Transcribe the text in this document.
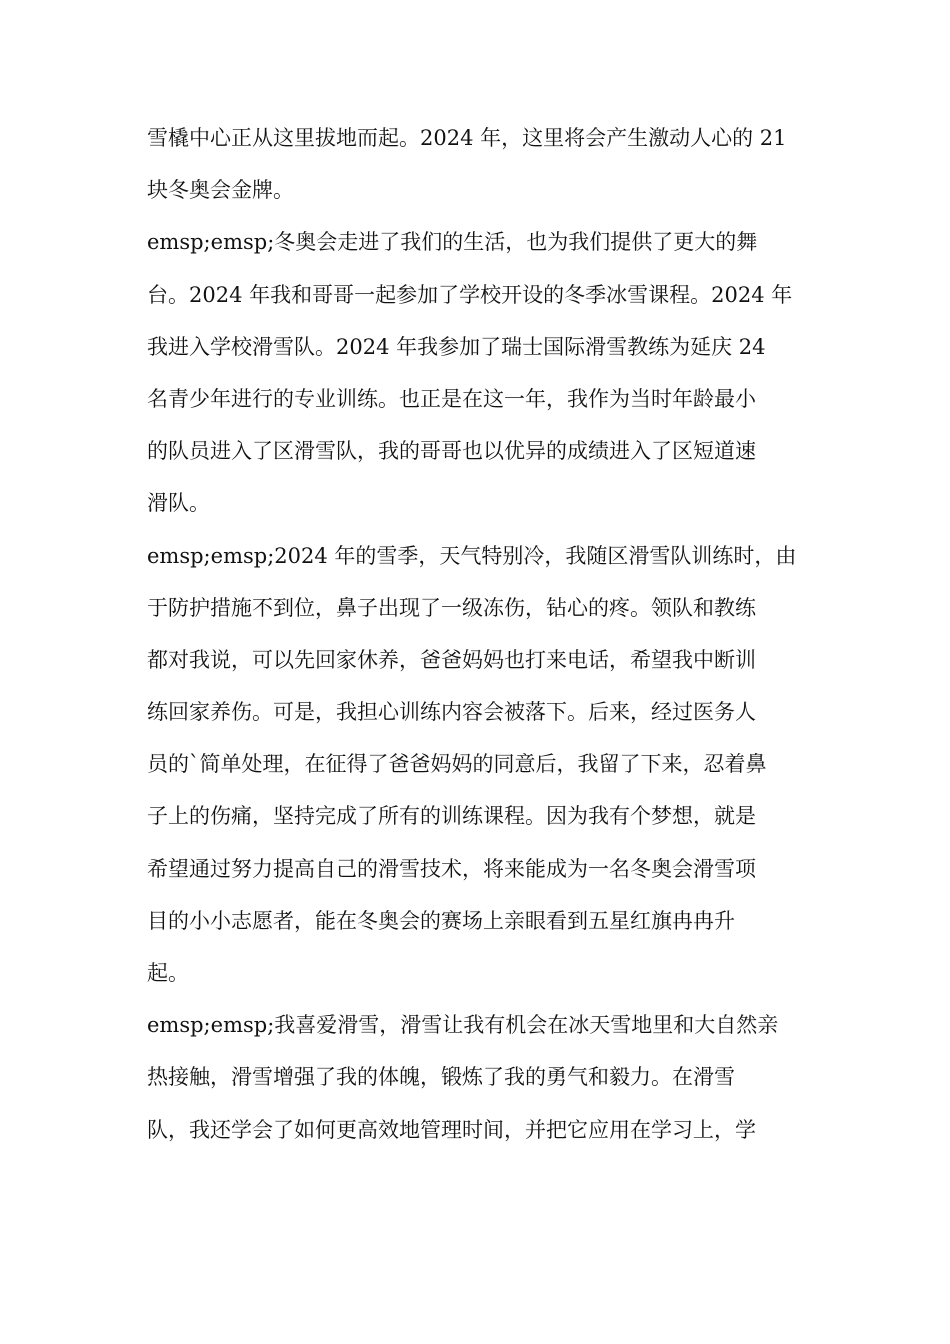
雪橇中心正从这里拔地而起。2024 年，这里将会产生激动人心的 21
块冬奥会金牌。
emsp;emsp;冬奥会走进了我们的生活，也为我们提供了更大的舞
台。2024 年我和哥哥一起参加了学校开设的冬季冰雪课程。2024 年
我进入学校滑雪队。2024 年我参加了瑞士国际滑雪教练为延庆 24
名青少年进行的专业训练。也正是在这一年，我作为当时年龄最小
的队员进入了区滑雪队，我的哥哥也以优异的成绩进入了区短道速
滑队。
emsp;emsp;2024 年的雪季，天气特别冷，我随区滑雪队训练时，由
于防护措施不到位，鼻子出现了一级冻伤，钻心的疼。领队和教练
都对我说，可以先回家休养，爸爸妈妈也打来电话，希望我中断训
练回家养伤。可是，我担心训练内容会被落下。后来，经过医务人
员的`简单处理，在征得了爸爸妈妈的同意后，我留了下来，忍着鼻
子上的伤痛，坚持完成了所有的训练课程。因为我有个梦想，就是
希望通过努力提高自己的滑雪技术，将来能成为一名冬奥会滑雪项
目的小小志愿者，能在冬奥会的赛场上亲眼看到五星红旗冉冉升
起。
emsp;emsp;我喜爱滑雪，滑雪让我有机会在冰天雪地里和大自然亲
热接触，滑雪增强了我的体魄，锻炼了我的勇气和毅力。在滑雪
队，我还学会了如何更高效地管理时间，并把它应用在学习上，学
